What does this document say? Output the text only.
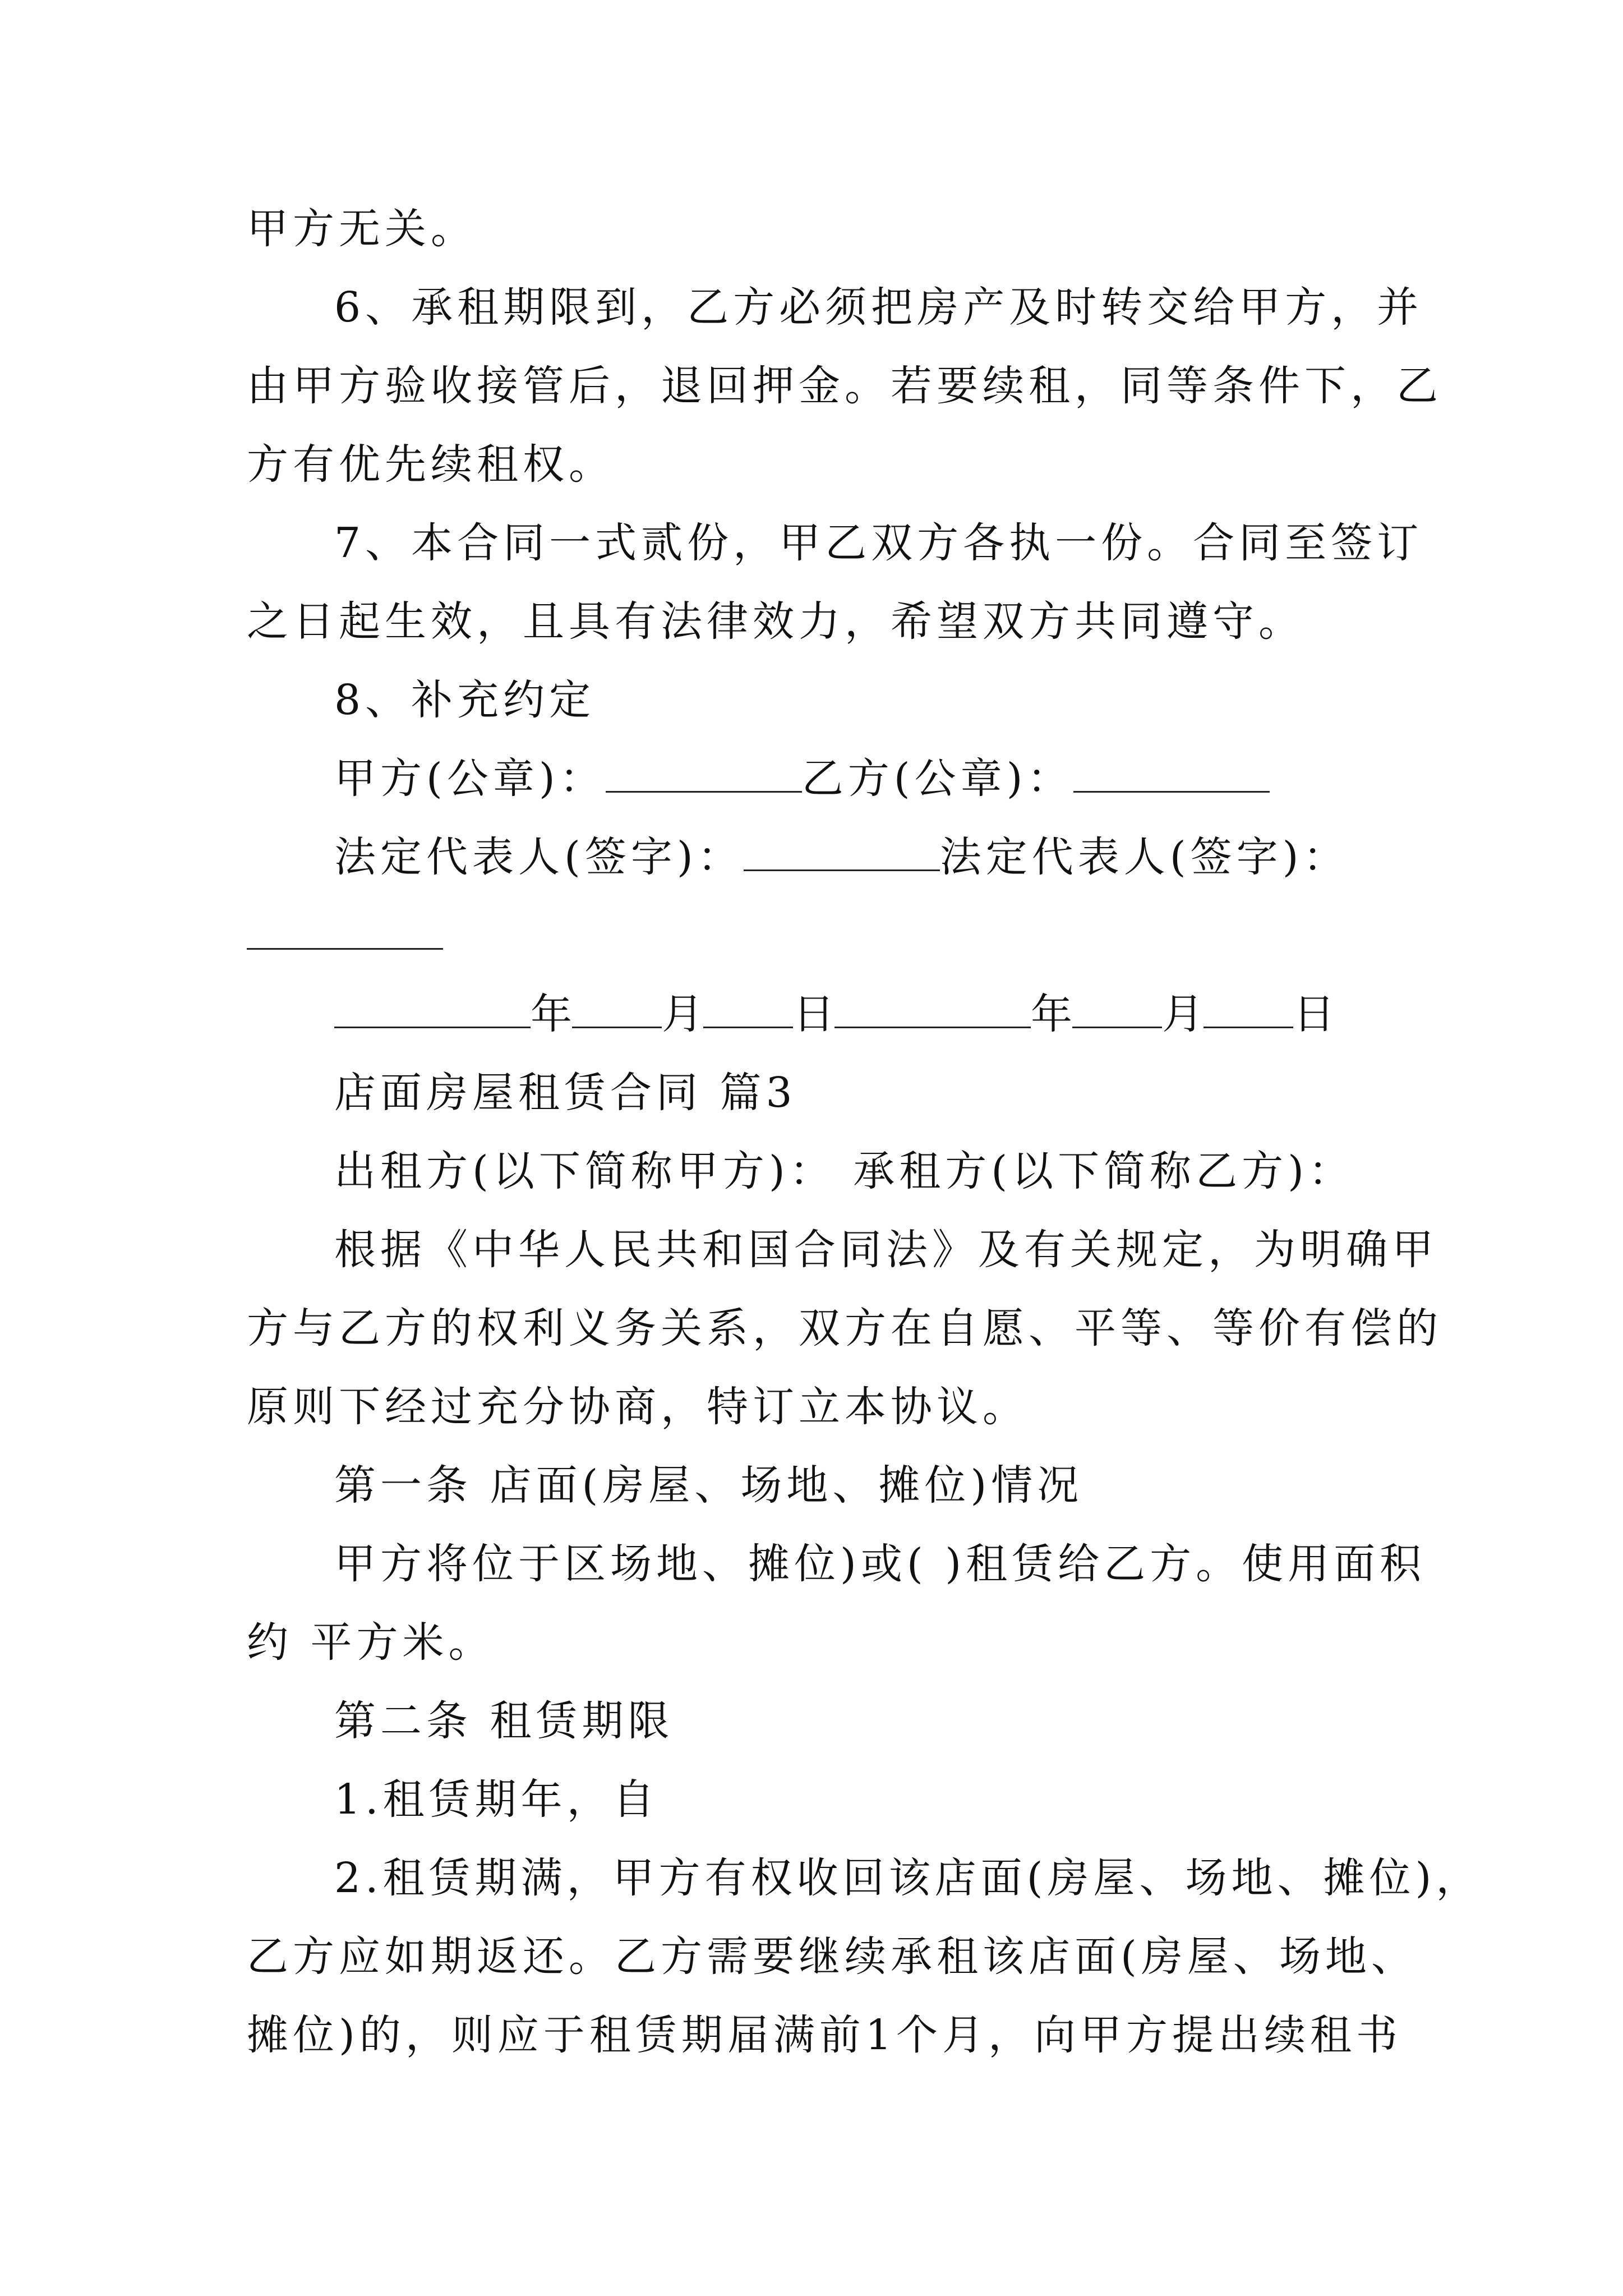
甲方无关。
6、承租期限到，乙方必须把房产及时转交给甲方，并
由甲方验收接管后，退回押金。若要续租，同等条件下，乙
方有优先续租权。
7、本合同一式贰份，甲乙双方各执一份。合同至签订
之日起生效，且具有法律效力，希望双方共同遵守。
8、补充约定
甲方(公章)：	乙方(公章)：
法定代表人(签字)：	法定代表人(签字)：
年 月 日	年 月 日
店面房屋租赁合同 篇3
出租方(以下简称甲方)： 承租方(以下简称乙方)：
根据《中华人民共和国合同法》及有关规定，为明确甲
方与乙方的权利义务关系，双方在自愿、平等、等价有偿的
原则下经过充分协商，特订立本协议。
第一条 店面(房屋、场地、摊位)情况
甲方将位于区场地、摊位)或( )租赁给乙方。使用面积
约 平方米。
第二条 租赁期限
1.租赁期年，自
2.租赁期满，甲方有权收回该店面(房屋、场地、摊位)，
乙方应如期返还。乙方需要继续承租该店面(房屋、场地、
摊位)的，则应于租赁期届满前1个月，向甲方提出续租书
